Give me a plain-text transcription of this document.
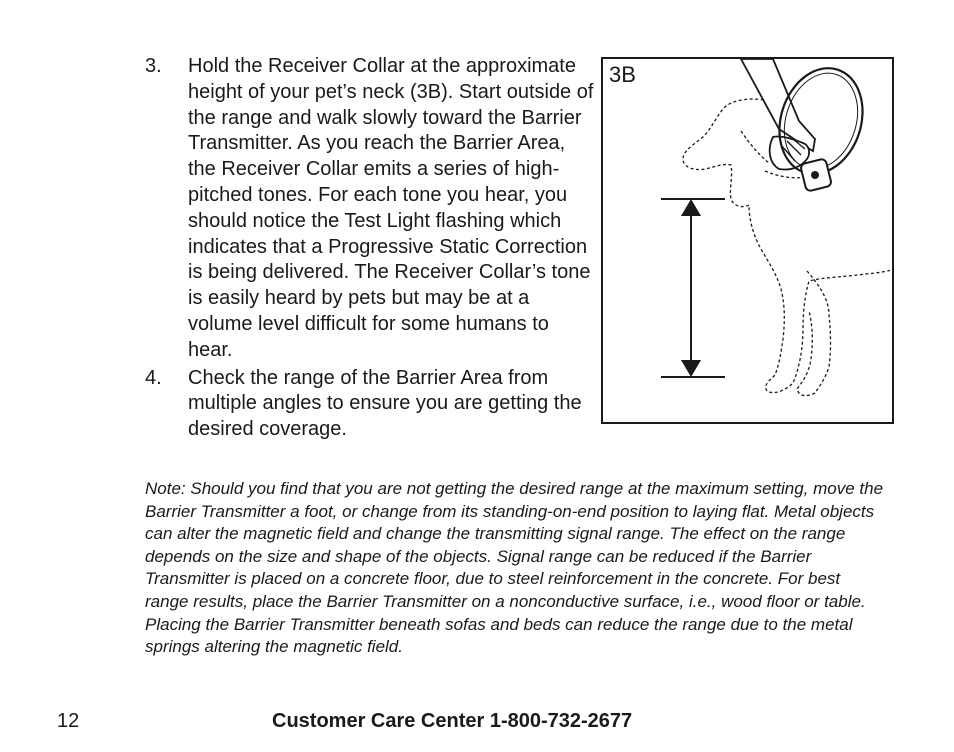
3. Hold the Receiver Collar at the approximate height of your pet’s neck (3B). Start outside of the range and walk slowly toward the Barrier Transmitter. As you reach the Barrier Area, the Receiver Collar emits a series of high-pitched tones. For each tone you hear, you should notice the Test Light flashing which indicates that a Progressive Static Correction is being delivered. The Receiver Collar’s tone is easily heard by pets but may be at a volume level difficult for some humans to hear.
4. Check the range of the Barrier Area from multiple angles to ensure you are getting the desired coverage.
3B
Note: Should you find that you are not getting the desired range at the maximum setting, move the Barrier Transmitter a foot, or change from its standing-on-end position to laying flat. Metal objects can alter the magnetic field and change the transmitting signal range. The effect on the range depends on the size and shape of the objects. Signal range can be reduced if the Barrier Transmitter is placed on a concrete floor, due to steel reinforcement in the concrete. For best range results, place the Barrier Transmitter on a nonconductive surface, i.e., wood floor or table. Placing the Barrier Transmitter beneath sofas and beds can reduce the range due to the metal springs altering the magnetic field.
12	Customer Care Center 1-800-732-2677
